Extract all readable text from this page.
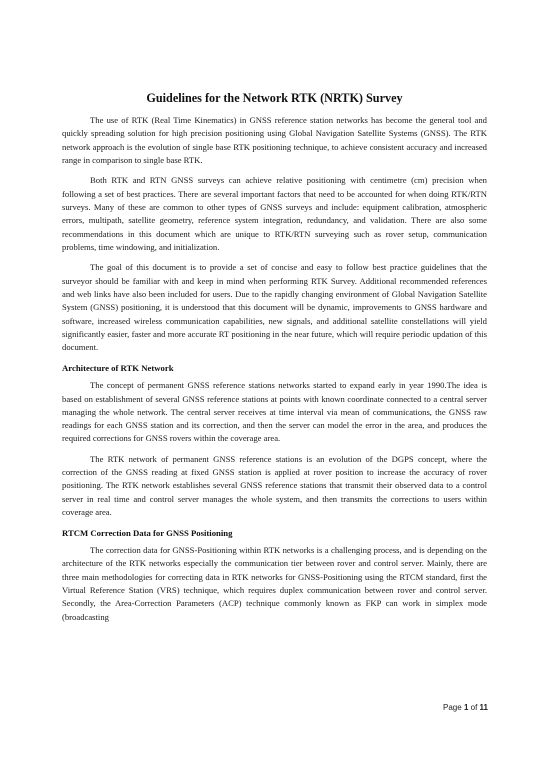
Guidelines for the Network RTK (NRTK) Survey

The use of RTK (Real Time Kinematics) in GNSS reference station networks has become the general tool and quickly spreading solution for high precision positioning using Global Navigation Satellite Systems (GNSS). The RTK network approach is the evolution of single base RTK positioning technique, to achieve consistent accuracy and increased range in comparison to single base RTK.

Both RTK and RTN GNSS surveys can achieve relative positioning with centimetre (cm) precision when following a set of best practices. There are several important factors that need to be accounted for when doing RTK/RTN surveys. Many of these are common to other types of GNSS surveys and include: equipment calibration, atmospheric errors, multipath, satellite geometry, reference system integration, redundancy, and validation. There are also some recommendations in this document which are unique to RTK/RTN surveying such as rover setup, communication problems, time windowing, and initialization.

The goal of this document is to provide a set of concise and easy to follow best practice guidelines that the surveyor should be familiar with and keep in mind when performing RTK Survey. Additional recommended references and web links have also been included for users. Due to the rapidly changing environment of Global Navigation Satellite System (GNSS) positioning, it is understood that this document will be dynamic, improvements to GNSS hardware and software, increased wireless communication capabilities, new signals, and additional satellite constellations will yield significantly easier, faster and more accurate RT positioning in the near future, which will require periodic updation of this document.

Architecture of RTK Network

The concept of permanent GNSS reference stations networks started to expand early in year 1990.The idea is based on establishment of several GNSS reference stations at points with known coordinate connected to a central server managing the whole network. The central server receives at time interval via mean of communications, the GNSS raw readings for each GNSS station and its correction, and then the server can model the error in the area, and produces the required corrections for GNSS rovers within the coverage area.

The RTK network of permanent GNSS reference stations is an evolution of the DGPS concept, where the correction of the GNSS reading at fixed GNSS station is applied at rover position to increase the accuracy of rover positioning. The RTK network establishes several GNSS reference stations that transmit their observed data to a control server in real time and control server manages the whole system, and then transmits the corrections to users within coverage area.

RTCM Correction Data for GNSS Positioning

The correction data for GNSS-Positioning within RTK networks is a challenging process, and is depending on the architecture of the RTK networks especially the communication tier between rover and control server. Mainly, there are three main methodologies for correcting data in RTK networks for GNSS-Positioning using the RTCM standard, first the Virtual Reference Station (VRS) technique, which requires duplex communication between rover and control server. Secondly, the Area-Correction Parameters (ACP) technique commonly known as FKP can work in simplex mode (broadcasting

Page 1 of 11
